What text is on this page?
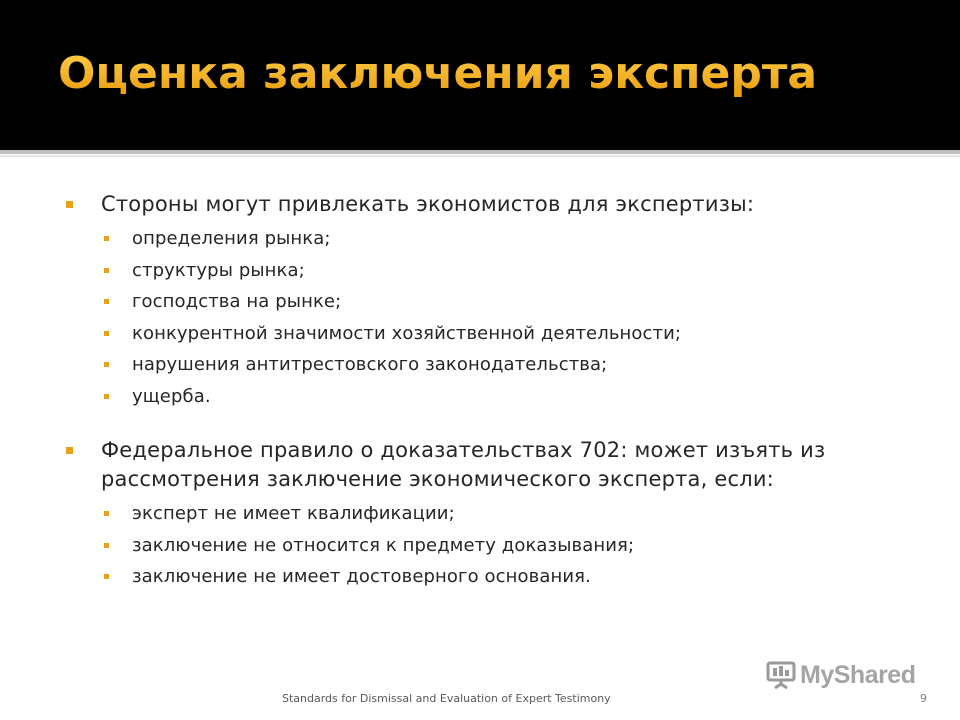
Оценка заключения эксперта
Стороны могут привлекать экономистов для экспертизы:
определения рынка;
структуры рынка;
господства на рынке;
конкурентной значимости хозяйственной деятельности;
нарушения антитрестовского законодательства;
ущерба.
Федеральное правило о доказательствах 702: может изъять из рассмотрения заключение экономического эксперта, если:
эксперт не имеет квалификации;
заключение не относится к предмету доказывания;
заключение не имеет достоверного основания.
MyShared
Standards for Dismissal and Evaluation of Expert Testimony	9
